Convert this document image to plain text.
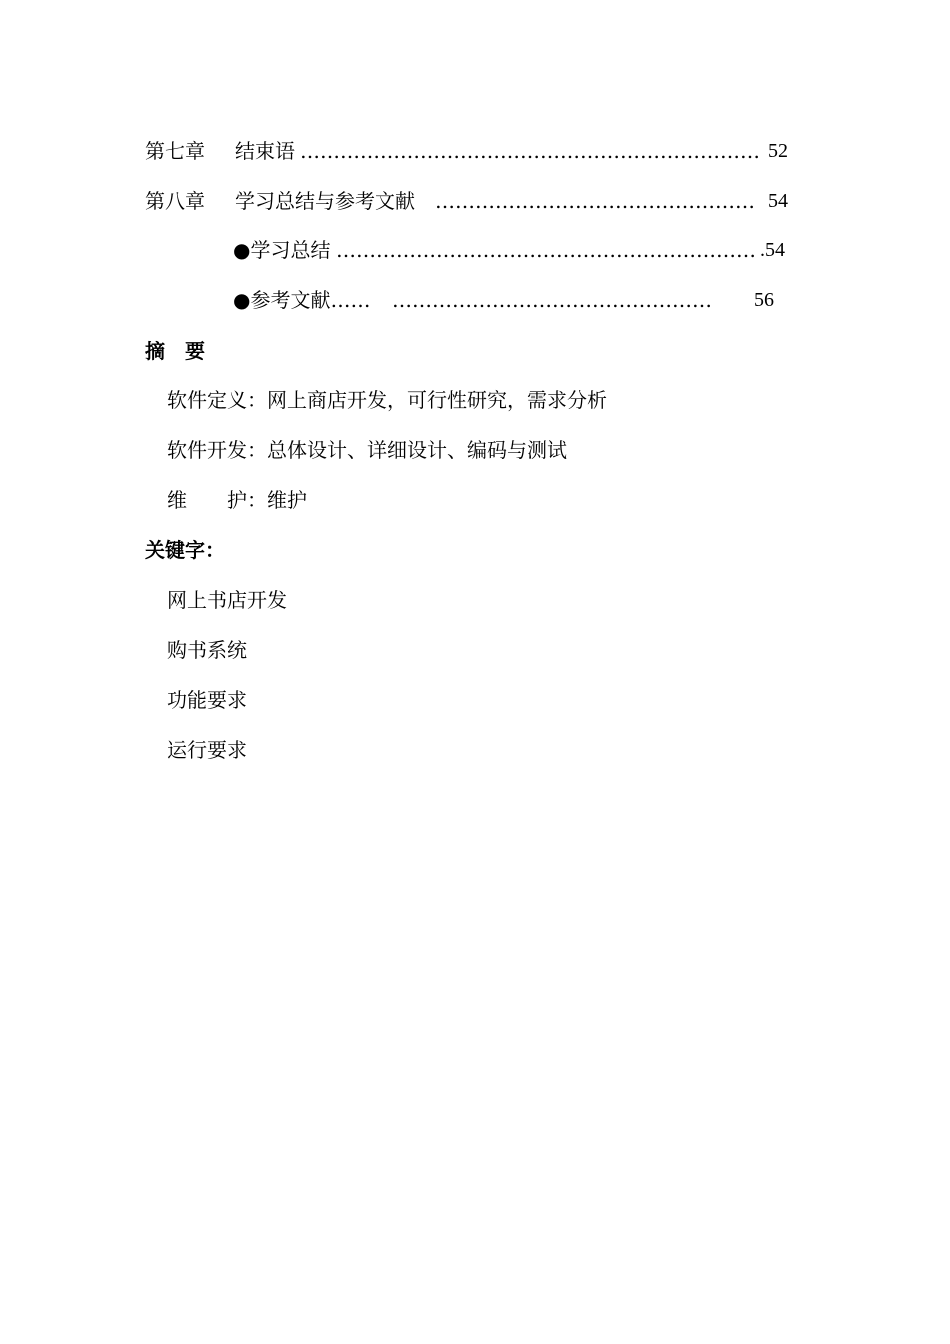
第七章 结束语 …………………………………………………………… 52
第八章 学习总结与参考文献 ………………………………………… 54
●学习总结 ……………………………………………………… .54
●参考文献…… …………………………………………	56
摘　要
软件定义：网上商店开发，可行性研究，需求分析
软件开发：总体设计、详细设计、编码与测试
维　　护：维护
关键字：
网上书店开发
购书系统
功能要求
运行要求
